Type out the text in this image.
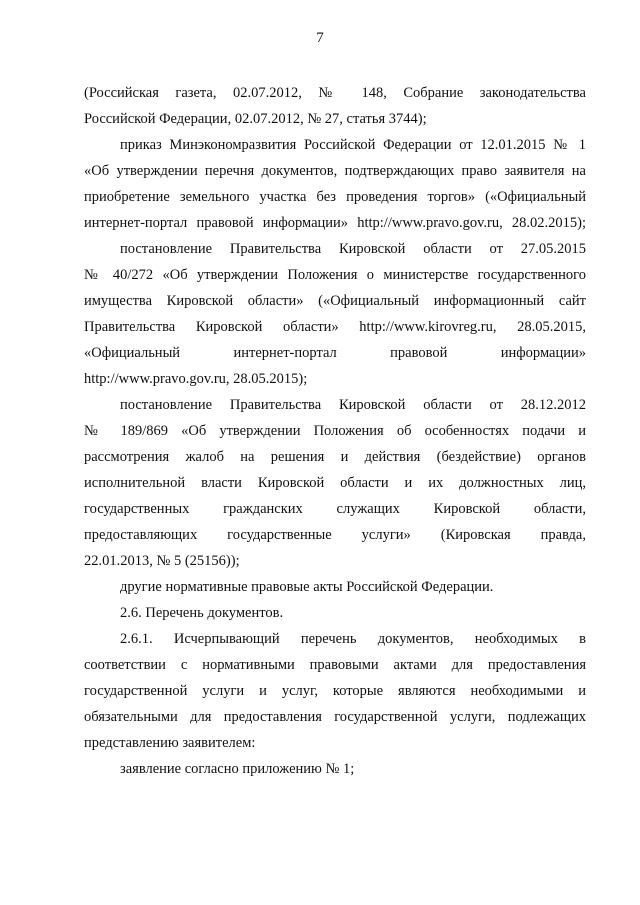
7
(Российская газета, 02.07.2012, № 148, Собрание законодательства
Российской Федерации, 02.07.2012, № 27, статья 3744);
приказ Минэкономразвития Российской Федерации от 12.01.2015 № 1
«Об утверждении перечня документов, подтверждающих право заявителя на
приобретение земельного участка без проведения торгов» («Официальный
интернет-портал правовой информации» http://www.pravo.gov.ru, 28.02.2015);
постановление Правительства Кировской области от 27.05.2015
№ 40/272 «Об утверждении Положения о министерстве государственного
имущества Кировской области» («Официальный информационный сайт
Правительства Кировской области» http://www.kirovreg.ru, 28.05.2015,
«Официальный интернет-портал правовой информации»
http://www.pravo.gov.ru, 28.05.2015);
постановление Правительства Кировской области от 28.12.2012
№ 189/869 «Об утверждении Положения об особенностях подачи и
рассмотрения жалоб на решения и действия (бездействие) органов
исполнительной власти Кировской области и их должностных лиц,
государственных гражданских служащих Кировской области,
предоставляющих государственные услуги» (Кировская правда,
22.01.2013, № 5 (25156));
другие нормативные правовые акты Российской Федерации.
2.6. Перечень документов.
2.6.1. Исчерпывающий перечень документов, необходимых в
соответствии с нормативными правовыми актами для предоставления
государственной услуги и услуг, которые являются необходимыми и
обязательными для предоставления государственной услуги, подлежащих
представлению заявителем:
заявление согласно приложению № 1;
